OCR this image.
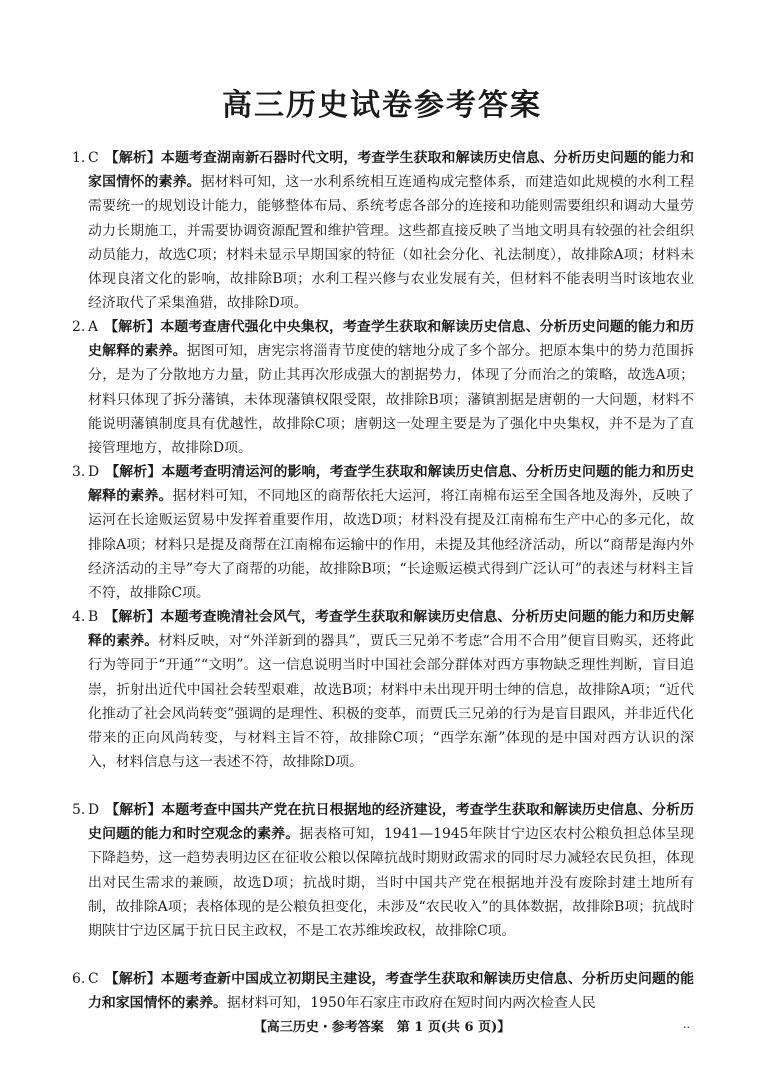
高三历史试卷参考答案
1. C 【解析】本题考查湖南新石器时代文明，考查学生获取和解读历史信息、分析历史问题的能力和家国情怀的素养。据材料可知，这一水利系统相互连通构成完整体系，而建造如此规模的水利工程需要统一的规划设计能力，能够整体布局、系统考虑各部分的连接和功能则需要组织和调动大量劳动力长期施工，并需要协调资源配置和维护管理。这些都直接反映了当地文明具有较强的社会组织动员能力，故选C项；材料未显示早期国家的特征（如社会分化、礼法制度），故排除A项；材料未体现良渚文化的影响，故排除B项；水利工程兴修与农业发展有关，但材料不能表明当时该地农业经济取代了采集渔猎，故排除D项。
2. A 【解析】本题考查唐代强化中央集权，考查学生获取和解读历史信息、分析历史问题的能力和历史解释的素养。据图可知，唐宪宗将淄青节度使的辖地分成了多个部分。把原本集中的势力范围拆分，是为了分散地方力量，防止其再次形成强大的割据势力，体现了分而治之的策略，故选A项；材料只体现了拆分藩镇，未体现藩镇权限受限，故排除B项；藩镇割据是唐朝的一大问题，材料不能说明藩镇制度具有优越性，故排除C项；唐朝这一处理主要是为了强化中央集权，并不是为了直接管理地方，故排除D项。
3. D 【解析】本题考查明清运河的影响，考查学生获取和解读历史信息、分析历史问题的能力和历史解释的素养。据材料可知，不同地区的商帮依托大运河，将江南棉布运至全国各地及海外，反映了运河在长途贩运贸易中发挥着重要作用，故选D项；材料没有提及江南棉布生产中心的多元化，故排除A项；材料只是提及商帮在江南棉布运输中的作用，未提及其他经济活动，所以“商帮是海内外经济活动的主导”夸大了商帮的功能，故排除B项；“长途贩运模式得到广泛认可”的表述与材料主旨不符，故排除C项。
4. B 【解析】本题考查晚清社会风气，考查学生获取和解读历史信息、分析历史问题的能力和历史解释的素养。材料反映，对“外洋新到的器具”，贾氏三兄弟不考虑“合用不合用”便盲目购买，还将此行为等同于“开通”“文明”。这一信息说明当时中国社会部分群体对西方事物缺乏理性判断，盲目追崇，折射出近代中国社会转型艰难，故选B项；材料中未出现开明士绅的信息，故排除A项；“近代化推动了社会风尚转变”强调的是理性、积极的变革，而贾氏三兄弟的行为是盲目跟风，并非近代化带来的正向风尚转变，与材料主旨不符，故排除C项；“西学东渐”体现的是中国对西方认识的深入，材料信息与这一表述不符，故排除D项。
5. D 【解析】本题考查中国共产党在抗日根据地的经济建设，考查学生获取和解读历史信息、分析历史问题的能力和时空观念的素养。据表格可知，1941—1945年陕甘宁边区农村公粮负担总体呈现下降趋势，这一趋势表明边区在征收公粮以保障抗战时期财政需求的同时尽力减轻农民负担，体现出对民生需求的兼顾，故选D项；抗战时期，当时中国共产党在根据地并没有废除封建土地所有制，故排除A项；表格体现的是公粮负担变化，未涉及“农民收入”的具体数据，故排除B项；抗战时期陕甘宁边区属于抗日民主政权，不是工农苏维埃政权，故排除C项。
6. C 【解析】本题考查新中国成立初期民主建设，考查学生获取和解读历史信息、分析历史问题的能力和家国情怀的素养。据材料可知，1950年石家庄市政府在短时间内两次检查人民
【高三历史・参考答案　第 1 页(共 6 页)】	..
